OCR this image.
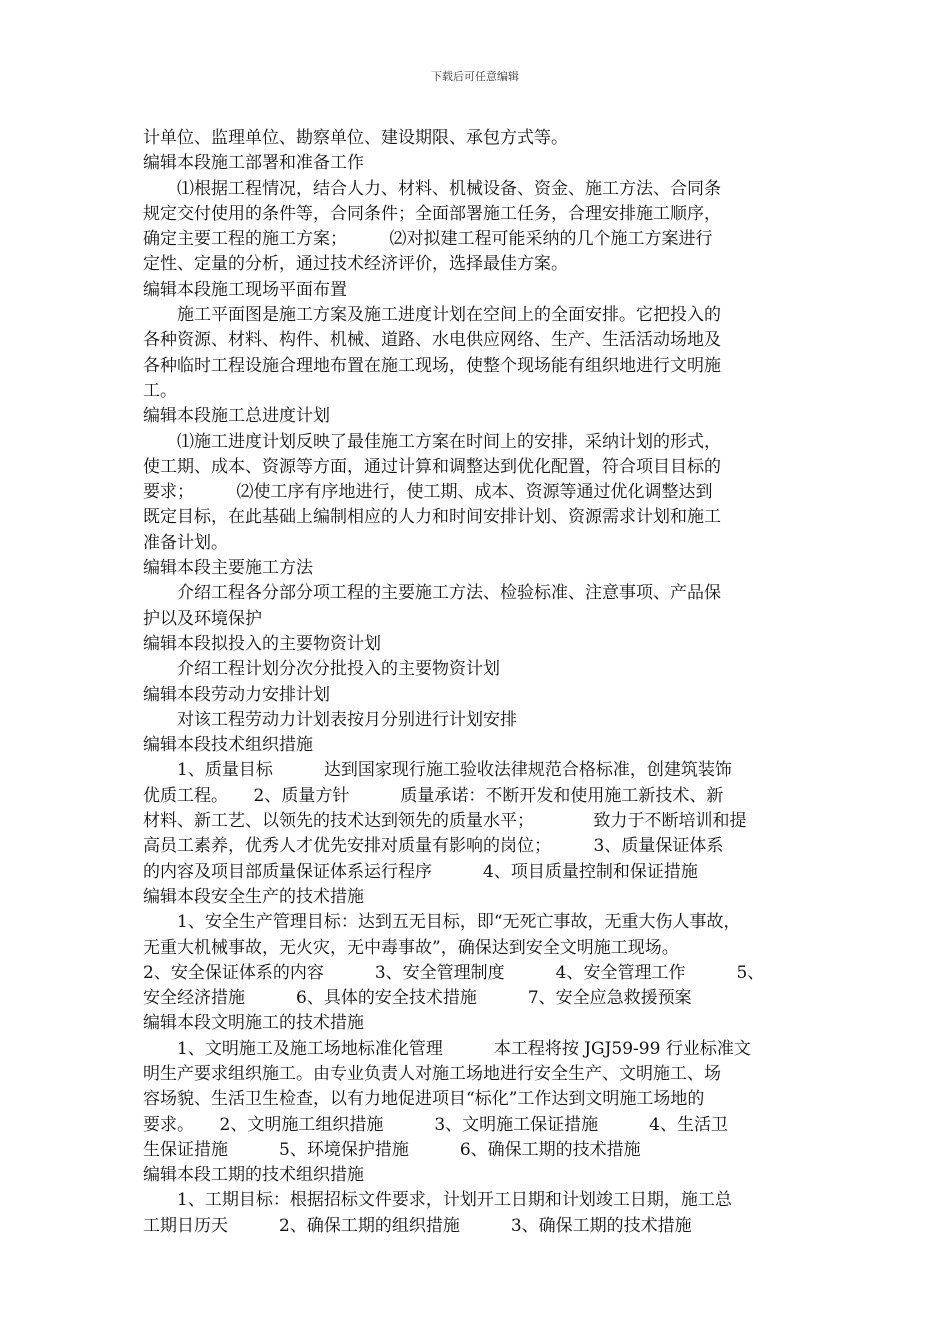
下载后可任意编辑
计单位、监理单位、勘察单位、建设期限、承包方式等。
编辑本段施工部署和准备工作
　　⑴根据工程情况，结合人力、材料、机械设备、资金、施工方法、合同条
规定交付使用的条件等，合同条件；全面部署施工任务，合理安排施工顺序，
确定主要工程的施工方案；　　　⑵对拟建工程可能采纳的几个施工方案进行
定性、定量的分析，通过技术经济评价，选择最佳方案。
编辑本段施工现场平面布置
　　施工平面图是施工方案及施工进度计划在空间上的全面安排。它把投入的
各种资源、材料、构件、机械、道路、水电供应网络、生产、生活活动场地及
各种临时工程设施合理地布置在施工现场，使整个现场能有组织地进行文明施
工。
编辑本段施工总进度计划
　　⑴施工进度计划反映了最佳施工方案在时间上的安排，采纳计划的形式，
使工期、成本、资源等方面，通过计算和调整达到优化配置，符合项目目标的
要求；　　　⑵使工序有序地进行，使工期、成本、资源等通过优化调整达到
既定目标，在此基础上编制相应的人力和时间安排计划、资源需求计划和施工
准备计划。
编辑本段主要施工方法
　　介绍工程各分部分项工程的主要施工方法、检验标准、注意事项、产品保
护以及环境保护
编辑本段拟投入的主要物资计划
　　介绍工程计划分次分批投入的主要物资计划
编辑本段劳动力安排计划
　　对该工程劳动力计划表按月分别进行计划安排
编辑本段技术组织措施
　　1、质量目标　　　达到国家现行施工验收法律规范合格标准，创建筑装饰
优质工程。　　2、质量方针　　　质量承诺：不断开发和使用施工新技术、新
材料、新工艺、以领先的技术达到领先的质量水平；　　　　致力于不断培训和提
高员工素养，优秀人才优先安排对质量有影响的岗位；　　　3、质量保证体系
的内容及项目部质量保证体系运行程序　　　4、项目质量控制和保证措施
编辑本段安全生产的技术措施
　　1、安全生产管理目标：达到五无目标，即“无死亡事故，无重大伤人事故，
无重大机械事故，无火灾，无中毒事故”，确保达到安全文明施工现场。
2、安全保证体系的内容　　　3、安全管理制度　　　4、安全管理工作　　　5、
安全经济措施　　　6、具体的安全技术措施　　　7、安全应急救援预案
编辑本段文明施工的技术措施
　　1、文明施工及施工场地标准化管理　　　本工程将按 JGJ59-99 行业标准文
明生产要求组织施工。由专业负责人对施工场地进行安全生产、文明施工、场
容场貌、生活卫生检查，以有力地促进项目“标化”工作达到文明施工场地的
要求。　　2、文明施工组织措施　　　3、文明施工保证措施　　　4、生活卫
生保证措施　　　5、环境保护措施　　　6、确保工期的技术措施
编辑本段工期的技术组织措施
　　1、工期目标：根据招标文件要求，计划开工日期和计划竣工日期，施工总
工期日历天　　　2、确保工期的组织措施　　　3、确保工期的技术措施
